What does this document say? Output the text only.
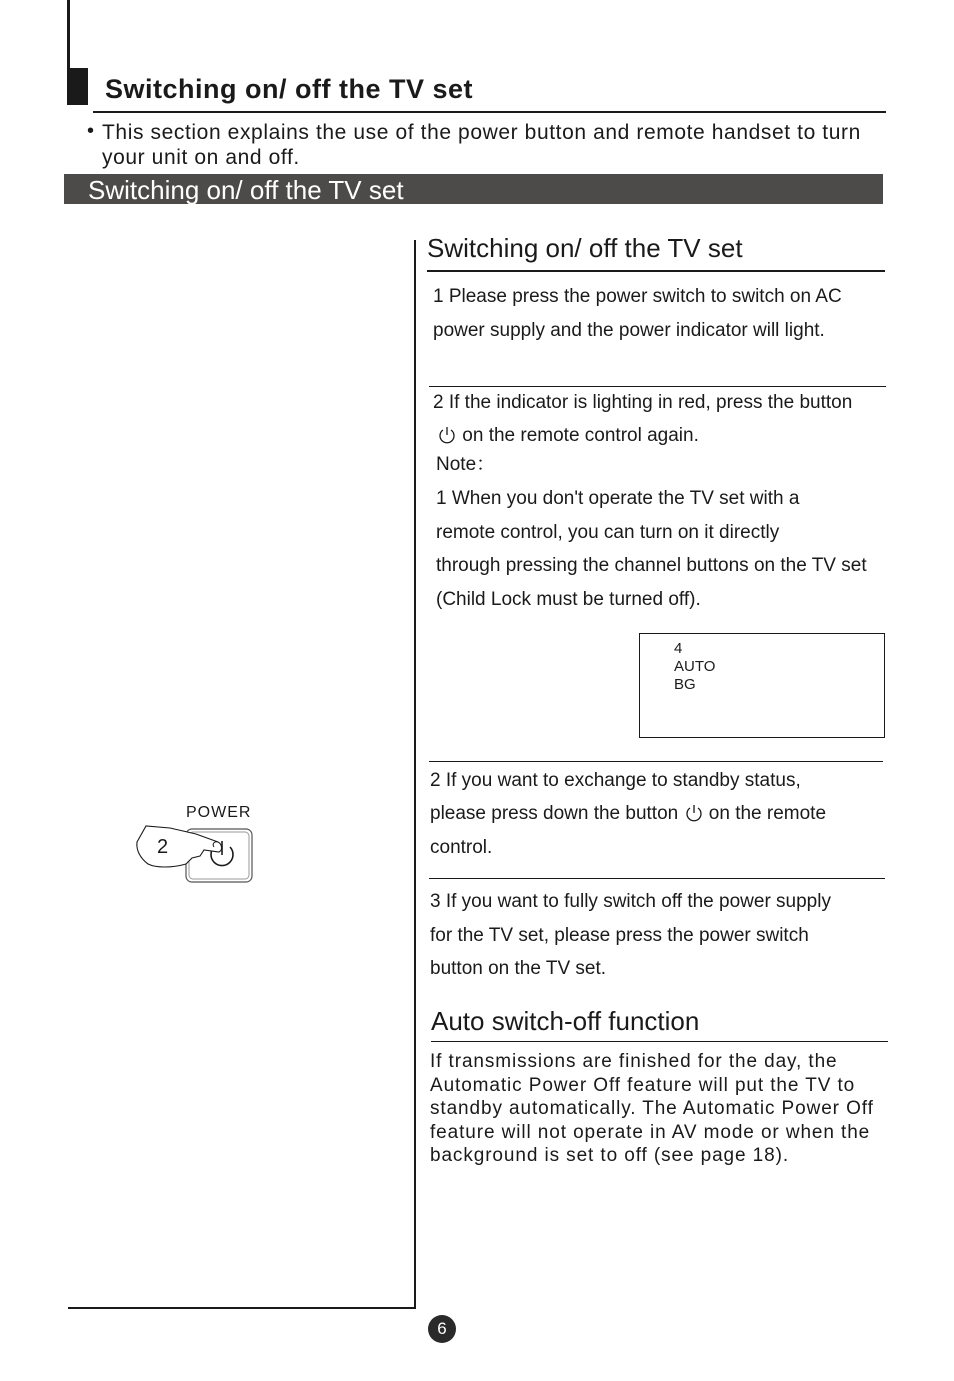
Switching on/ off the TV set
• This section explains the use of the power button and remote handset to turn your unit on and off.
Switching on/ off the TV set
Switching on/ off the TV set
1 Please press the power switch to switch on AC
power supply and the power indicator will light.
2 If the indicator is lighting in red, press the button
on the remote control again.
Note：
1 When you don't operate the TV set with a
remote control, you can turn on it directly
through pressing the channel buttons on the TV set
(Child Lock must be turned off).
4
AUTO
BG
2 If you want to exchange to standby status,
please press down the button  on the remote
control.
3 If you want to fully switch off the power supply
for the TV set, please press the power switch
button on the TV set.
Auto switch-off function
If transmissions are finished for the day, the Automatic Power Off feature will put the TV to standby automatically. The Automatic Power Off feature will not operate in AV mode or when the background is set to off (see page 18).
POWER
2
6
